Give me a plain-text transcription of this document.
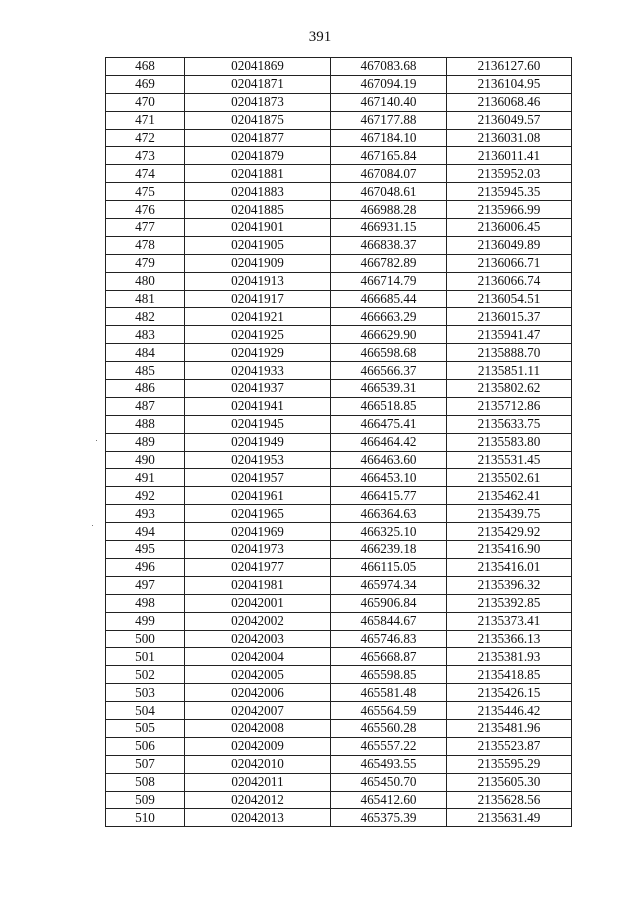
391
468	02041869	467083.68	2136127.60
469	02041871	467094.19	2136104.95
470	02041873	467140.40	2136068.46
471	02041875	467177.88	2136049.57
472	02041877	467184.10	2136031.08
473	02041879	467165.84	2136011.41
474	02041881	467084.07	2135952.03
475	02041883	467048.61	2135945.35
476	02041885	466988.28	2135966.99
477	02041901	466931.15	2136006.45
478	02041905	466838.37	2136049.89
479	02041909	466782.89	2136066.71
480	02041913	466714.79	2136066.74
481	02041917	466685.44	2136054.51
482	02041921	466663.29	2136015.37
483	02041925	466629.90	2135941.47
484	02041929	466598.68	2135888.70
485	02041933	466566.37	2135851.11
486	02041937	466539.31	2135802.62
487	02041941	466518.85	2135712.86
488	02041945	466475.41	2135633.75
489	02041949	466464.42	2135583.80
490	02041953	466463.60	2135531.45
491	02041957	466453.10	2135502.61
492	02041961	466415.77	2135462.41
493	02041965	466364.63	2135439.75
494	02041969	466325.10	2135429.92
495	02041973	466239.18	2135416.90
496	02041977	466115.05	2135416.01
497	02041981	465974.34	2135396.32
498	02042001	465906.84	2135392.85
499	02042002	465844.67	2135373.41
500	02042003	465746.83	2135366.13
501	02042004	465668.87	2135381.93
502	02042005	465598.85	2135418.85
503	02042006	465581.48	2135426.15
504	02042007	465564.59	2135446.42
505	02042008	465560.28	2135481.96
506	02042009	465557.22	2135523.87
507	02042010	465493.55	2135595.29
508	02042011	465450.70	2135605.30
509	02042012	465412.60	2135628.56
510	02042013	465375.39	2135631.49
